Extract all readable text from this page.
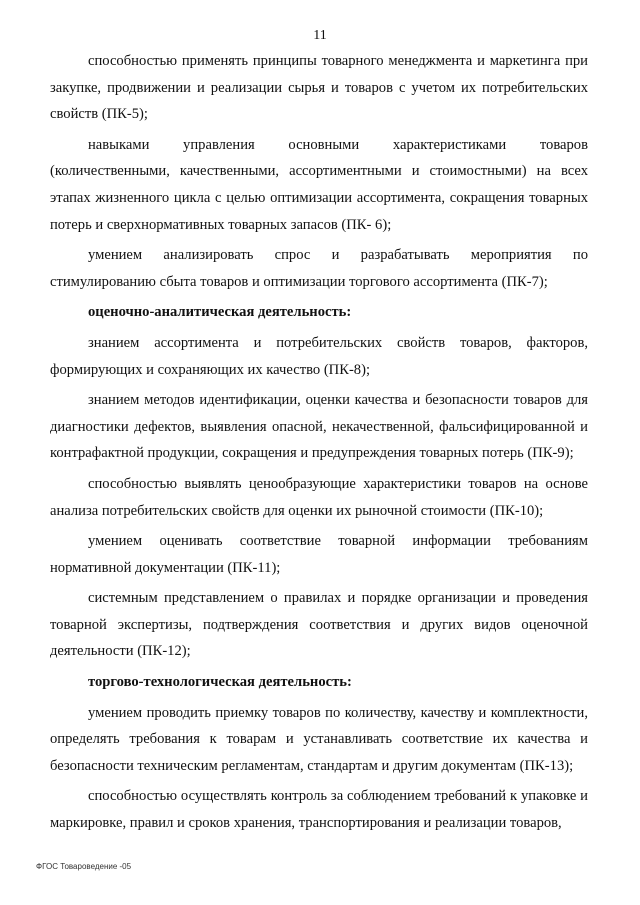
11

способностью применять принципы товарного менеджмента и маркетинга при закупке, продвижении и реализации сырья и товаров с учетом их потребительских свойств (ПК-5);

навыками управления основными характеристиками товаров (количественными, качественными, ассортиментными и стоимостными) на всех этапах жизненного цикла с целью оптимизации ассортимента, сокращения товарных потерь и сверхнормативных товарных запасов (ПК- 6);

умением анализировать спрос и разрабатывать мероприятия по стимулированию сбыта товаров и оптимизации торгового ассортимента (ПК-7);

оценочно-аналитическая деятельность:

знанием ассортимента и потребительских свойств товаров, факторов, формирующих и сохраняющих их качество (ПК-8);

знанием методов идентификации, оценки качества и безопасности товаров для диагностики дефектов, выявления опасной, некачественной, фальсифицированной и контрафактной продукции, сокращения и предупреждения товарных потерь (ПК-9);

способностью выявлять ценообразующие характеристики товаров на основе анализа потребительских свойств для оценки их рыночной стоимости (ПК-10);

умением оценивать соответствие товарной информации требованиям нормативной документации (ПК-11);

системным представлением о правилах и порядке организации и проведения товарной экспертизы, подтверждения соответствия и других видов оценочной деятельности (ПК-12);

торгово-технологическая деятельность:

умением проводить приемку товаров по количеству, качеству и комплектности, определять требования к товарам и устанавливать соответствие их качества и безопасности техническим регламентам, стандартам и другим документам (ПК-13);

способностью осуществлять контроль за соблюдением требований к упаковке и маркировке, правил и сроков хранения, транспортирования и реализации товаров,

ФГОС Товароведение -05
